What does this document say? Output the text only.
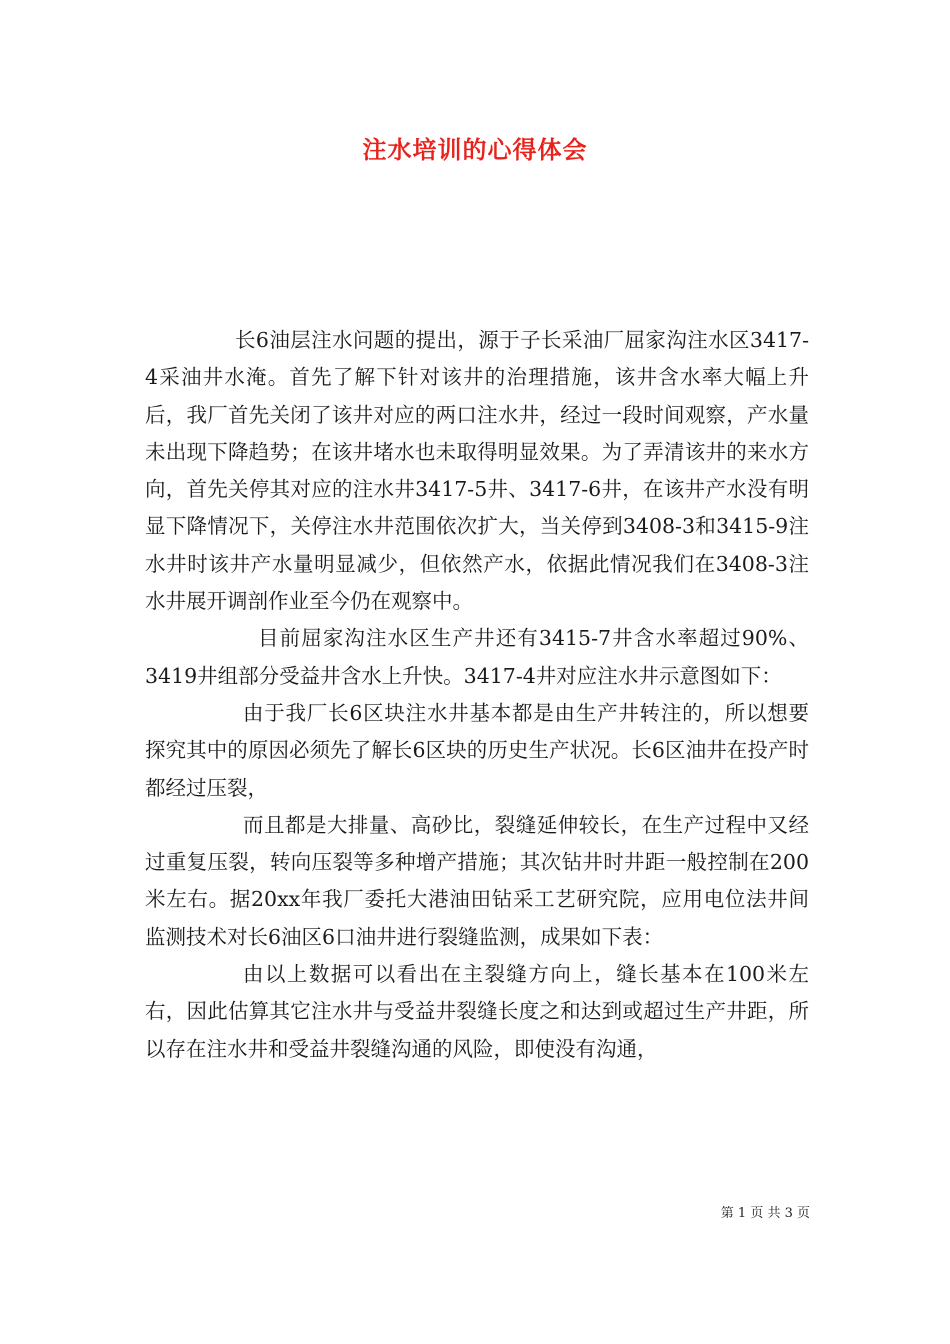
注水培训的心得体会

长6油层注水问题的提出，源于子长采油厂屈家沟注水区3417-4采油井水淹。首先了解下针对该井的治理措施，该井含水率大幅上升后，我厂首先关闭了该井对应的两口注水井，经过一段时间观察，产水量未出现下降趋势；在该井堵水也未取得明显效果。为了弄清该井的来水方向，首先关停其对应的注水井3417-5井、3417-6井，在该井产水没有明显下降情况下，关停注水井范围依次扩大，当关停到3408-3和3415-9注水井时该井产水量明显减少，但依然产水，依据此情况我们在3408-3注水井展开调剖作业至今仍在观察中。

目前屈家沟注水区生产井还有3415-7井含水率超过90%、3419井组部分受益井含水上升快。3417-4井对应注水井示意图如下：

由于我厂长6区块注水井基本都是由生产井转注的，所以想要探究其中的原因必须先了解长6区块的历史生产状况。长6区油井在投产时都经过压裂，

而且都是大排量、高砂比，裂缝延伸较长，在生产过程中又经过重复压裂，转向压裂等多种增产措施；其次钻井时井距一般控制在200米左右。据20xx年我厂委托大港油田钻采工艺研究院，应用电位法井间监测技术对长6油区6口油井进行裂缝监测，成果如下表：

由以上数据可以看出在主裂缝方向上，缝长基本在100米左右，因此估算其它注水井与受益井裂缝长度之和达到或超过生产井距，所以存在注水井和受益井裂缝沟通的风险，即使没有沟通，

第 1 页 共 3 页
